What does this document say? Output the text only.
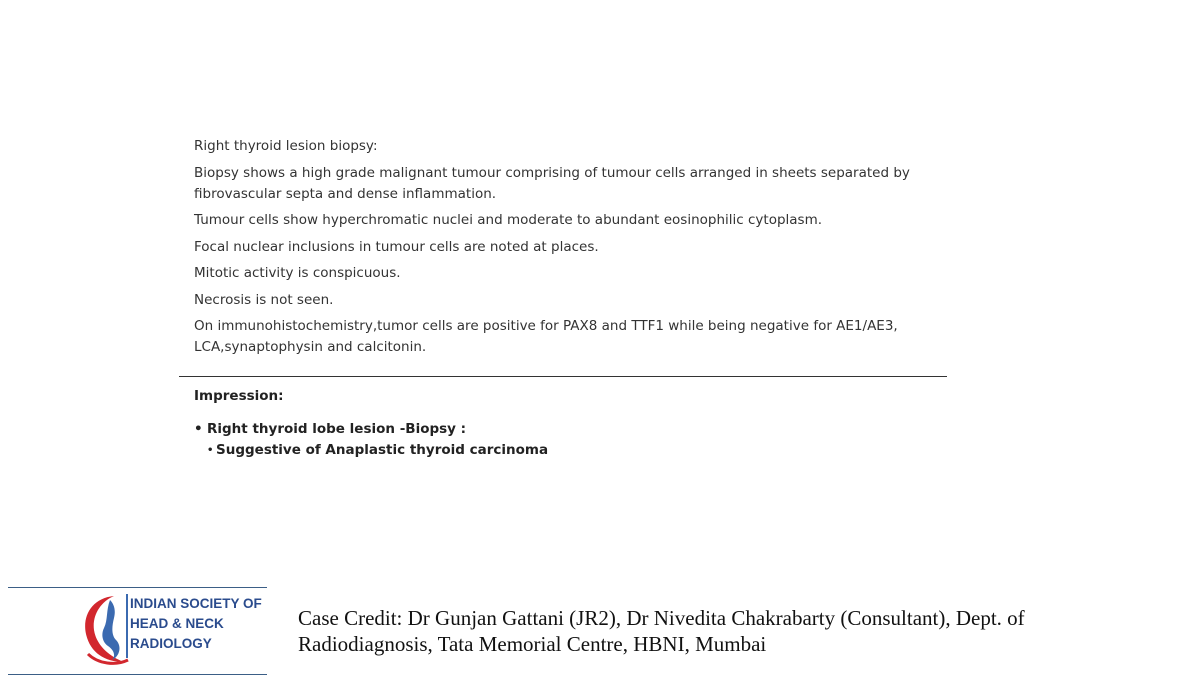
Right thyroid lesion biopsy:

Biopsy shows a high grade malignant tumour comprising of tumour cells arranged in sheets separated by fibrovascular septa and dense inflammation.

Tumour cells show hyperchromatic nuclei and moderate to abundant eosinophilic cytoplasm.

Focal nuclear inclusions in tumour cells are noted at places.

Mitotic activity is conspicuous.

Necrosis is not seen.

On immunohistochemistry,tumor cells are positive for PAX8 and TTF1 while being negative for AE1/AE3, LCA,synaptophysin and calcitonin.

Impression:
• Right thyroid lobe lesion -Biopsy :
• Suggestive of Anaplastic thyroid carcinoma
INDIAN SOCIETY OF
HEAD & NECK
RADIOLOGY
Case Credit: Dr Gunjan Gattani (JR2), Dr Nivedita Chakrabarty (Consultant), Dept. of
Radiodiagnosis, Tata Memorial Centre, HBNI, Mumbai
